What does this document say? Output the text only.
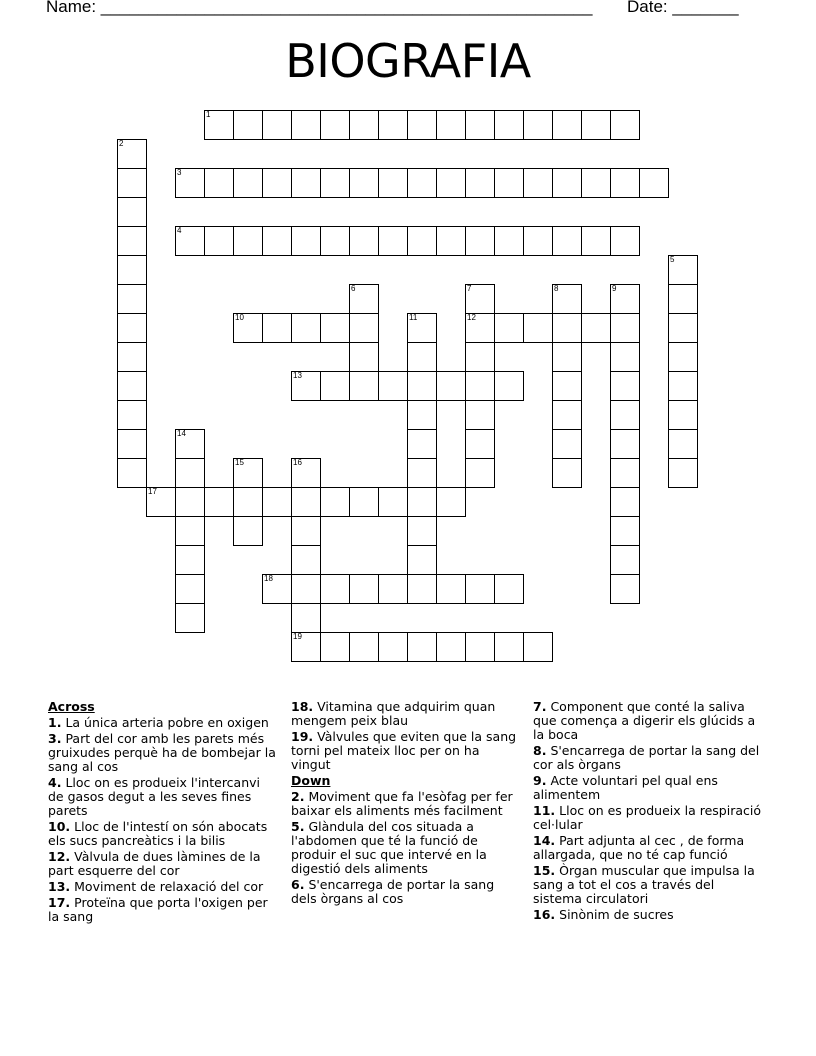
Name: ____________________________________________________ Date: _______
BIOGRAFIA
1
2
3
4
5
6	7
12
8	9
10	11
13
14
15	16
19
17
18

Across

1. La única arteria pobre en oxigen

3. Part del cor amb les parets més gruixudes perquè ha de bombejar la sang al cos

4. Lloc on es produeix l'intercanvi de gasos degut a les seves fines parets

10. Lloc de l'intestí on són abocats els sucs pancreàtics i la bilis

12. Vàlvula de dues làmines de la part esquerre del cor

13. Moviment de relaxació del cor

17. Proteïna que porta l'oxigen per la sang

18. Vitamina que adquirim quan mengem peix blau

19. Vàlvules que eviten que la sang torni pel mateix lloc per on ha vingut

Down

2. Moviment que fa l'esòfag per fer baixar els aliments més facilment

5. Glàndula del cos situada a l'abdomen que té la funció de produir el suc que intervé en la digestió dels aliments

6. S'encarrega de portar la sang dels òrgans al cos

7. Component que conté la saliva que comença a digerir els glúcids a la boca

8. S'encarrega de portar la sang del cor als òrgans

9. Acte voluntari pel qual ens alimentem

11. Lloc on es produeix la respiració cel·lular

14. Part adjunta al cec , de forma allargada, que no té cap funció

15. Òrgan muscular que impulsa la sang a tot el cos a través del sistema circulatori

16. Sinònim de sucres
